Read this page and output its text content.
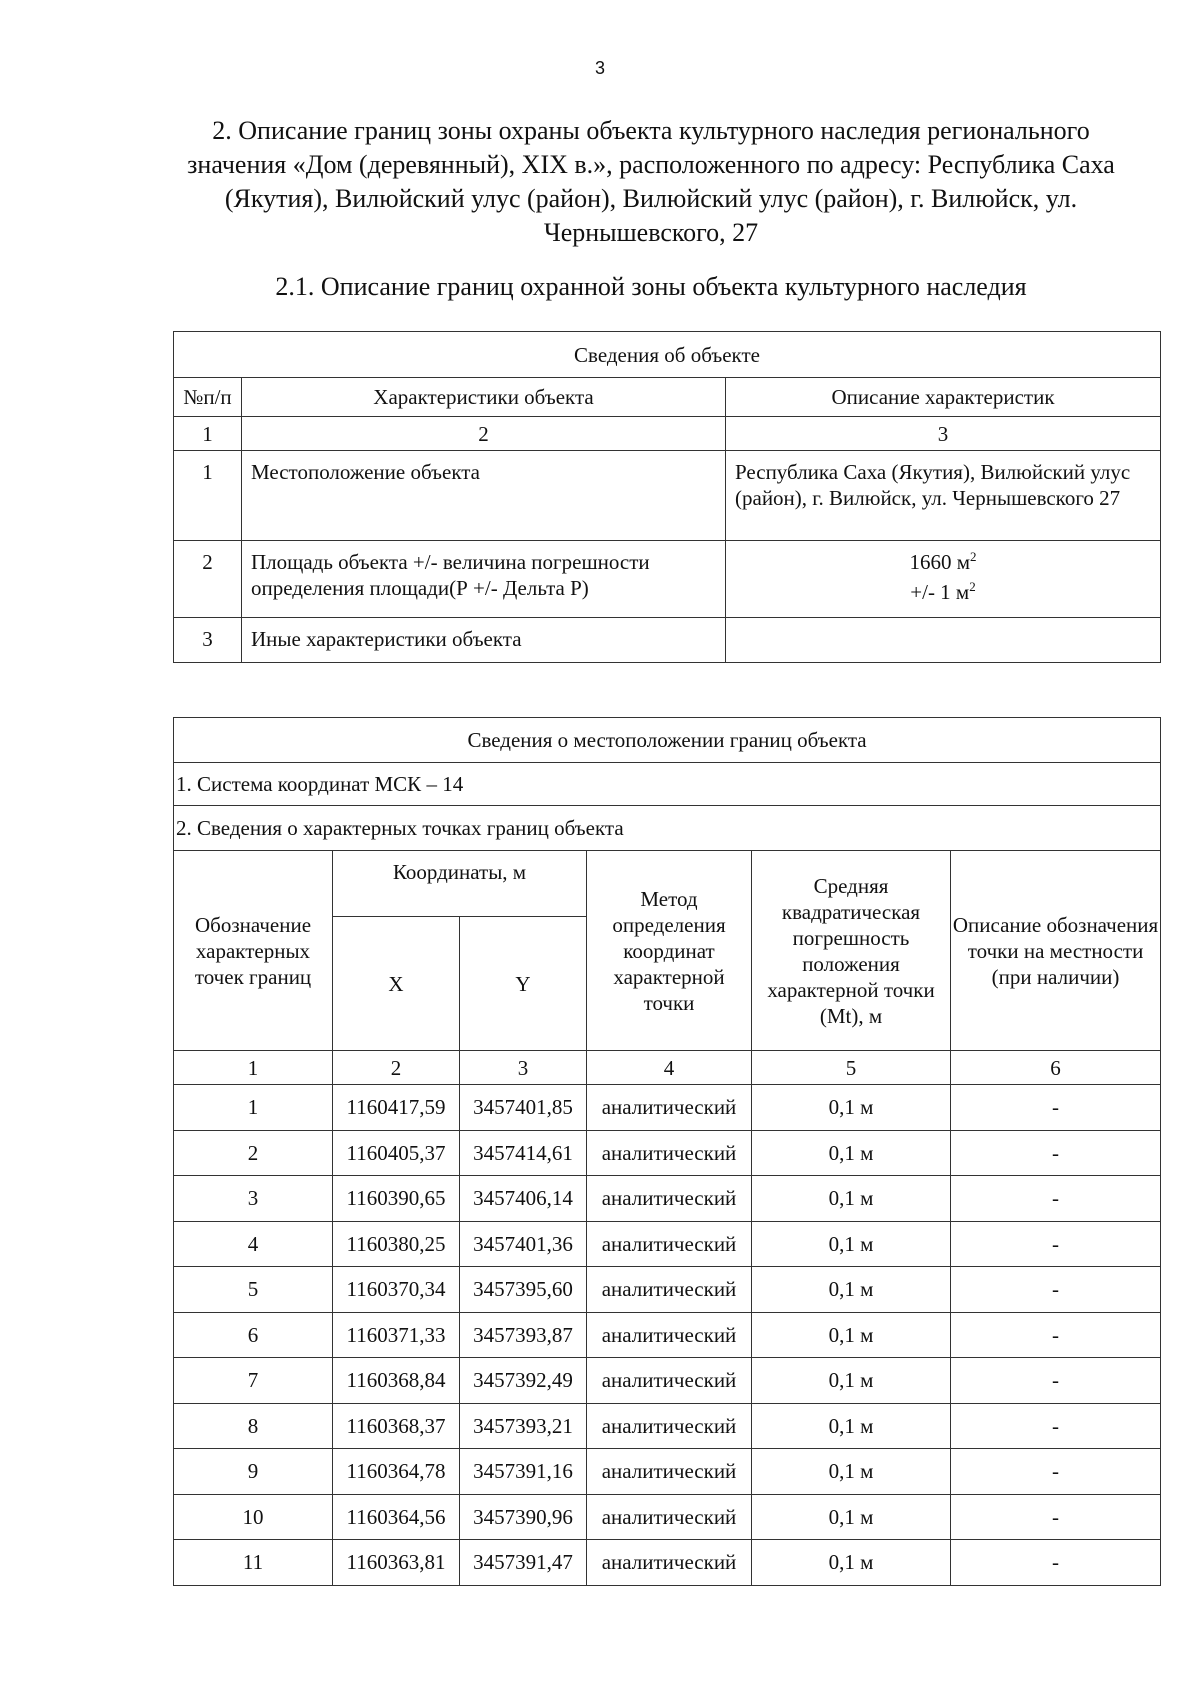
3
2. Описание границ зоны охраны объекта культурного наследия регионального значения «Дом (деревянный), XIX в.», расположенного по адресу: Республика Саха (Якутия), Вилюйский улус (район), Вилюйский улус (район), г. Вилюйск, ул. Чернышевского, 27
2.1. Описание границ охранной зоны объекта культурного наследия
Сведения об объекте		
№п/п	Характеристики объекта	Описание характеристик
1	2	3
1	Местоположение объекта	Республика Саха (Якутия), Вилюйский улус (район), г. Вилюйск, ул. Чернышевского 27
2	Площадь объекта +/- величина погрешности определения площади(Р +/- Дельта Р)	1660 $м^2$
+/- 1 $м^2$

3	Иные характеристики объекта	
Сведения о местоположении границ объекта					
1. Система координат МСК – 14					
2. Сведения о характерных точках границ объекта					
Обозначение характерных точек границ	Координаты, м		Метод определения координат характерной точки	Средняя квадратическая погрешность положения характерной точки (Mt), м	Описание обозначения точки на местности (при наличии)
	X	Y			
1	2	3	4	5	6
1	1160417,59	3457401,85	аналитический	0,1 м	-
2	1160405,37	3457414,61	аналитический	0,1 м	-
3	1160390,65	3457406,14	аналитический	0,1 м	-
4	1160380,25	3457401,36	аналитический	0,1 м	-
5	1160370,34	3457395,60	аналитический	0,1 м	-
6	1160371,33	3457393,87	аналитический	0,1 м	-
7	1160368,84	3457392,49	аналитический	0,1 м	-
8	1160368,37	3457393,21	аналитический	0,1 м	-
9	1160364,78	3457391,16	аналитический	0,1 м	-
10	1160364,56	3457390,96	аналитический	0,1 м	-
11	1160363,81	3457391,47	аналитический	0,1 м	-
